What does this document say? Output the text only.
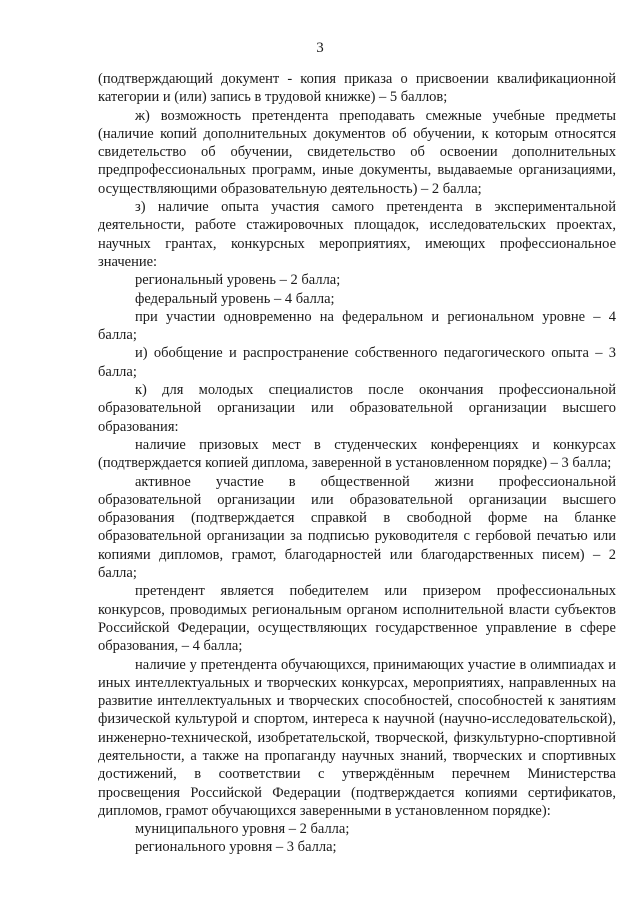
3

(подтверждающий документ - копия приказа о присвоении квалификационной категории и (или) запись в трудовой книжке) – 5 баллов;

ж) возможность претендента преподавать смежные учебные предметы (наличие копий дополнительных документов об обучении, к которым относятся свидетельство об обучении, свидетельство об освоении дополнительных предпрофессиональных программ, иные документы, выдаваемые организациями, осуществляющими образовательную деятельность) – 2 балла;

з) наличие опыта участия самого претендента в экспериментальной деятельности, работе стажировочных площадок, исследовательских проектах, научных грантах, конкурсных мероприятиях, имеющих профессиональное значение:

региональный уровень – 2 балла;

федеральный уровень – 4 балла;

при участии одновременно на федеральном и региональном уровне – 4 балла;

и) обобщение и распространение собственного педагогического опыта – 3 балла;

к) для молодых специалистов после окончания профессиональной образовательной организации или образовательной организации высшего образования:

наличие призовых мест в студенческих конференциях и конкурсах (подтверждается копией диплома, заверенной в установленном порядке) – 3 балла;

активное участие в общественной жизни профессиональной образовательной организации или образовательной организации высшего образования (подтверждается справкой в свободной форме на бланке образовательной организации за подписью руководителя с гербовой печатью или копиями дипломов, грамот, благодарностей или благодарственных писем) – 2 балла;

претендент является победителем или призером профессиональных конкурсов, проводимых региональным органом исполнительной власти субъектов Российской Федерации, осуществляющих государственное управление в сфере образования, – 4 балла;

наличие у претендента обучающихся, принимающих участие в олимпиадах и иных интеллектуальных и творческих конкурсах, мероприятиях, направленных на развитие интеллектуальных и творческих способностей, способностей к занятиям физической культурой и спортом, интереса к научной (научно-исследовательской), инженерно-технической, изобретательской, творческой, физкультурно-спортивной деятельности, а также на пропаганду научных знаний, творческих и спортивных достижений, в соответствии с утверждённым перечнем Министерства просвещения Российской Федерации (подтверждается копиями сертификатов, дипломов, грамот обучающихся заверенными в установленном порядке):

муниципального уровня – 2 балла;

регионального уровня – 3 балла;
